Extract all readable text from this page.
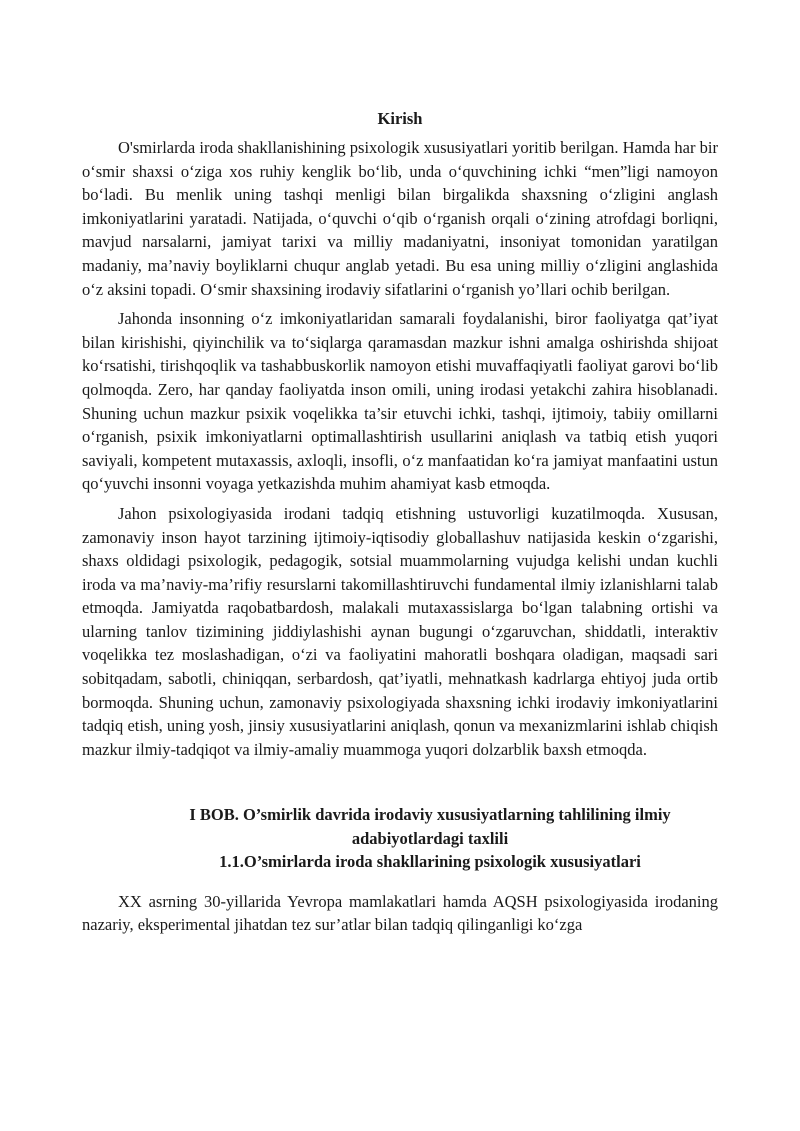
Kirish

O'smirlarda iroda shakllanishining psixologik xususiyatlari yoritib berilgan. Hamda har bir o‘smir shaxsi o‘ziga xos ruhiy kenglik bo‘lib, unda o‘quvchining ichki “men”ligi namoyon bo‘ladi. Bu menlik uning tashqi menligi bilan birgalikda shaxsning o‘zligini anglash imkoniyatlarini yaratadi. Natijada, o‘quvchi o‘qib o‘rganish orqali o‘zining atrofdagi borliqni, mavjud narsalarni, jamiyat tarixi va milliy madaniyatni, insoniyat tomonidan yaratilgan madaniy, ma’naviy boyliklarni chuqur anglab yetadi. Bu esa uning milliy o‘zligini anglashida o‘z aksini topadi. O‘smir shaxsining irodaviy sifatlarini o‘rganish yo’llari ochib berilgan.

Jahonda insonning o‘z imkoniyatlaridan samarali foydalanishi, biror faoliyatga qat’iyat bilan kirishishi, qiyinchilik va to‘siqlarga qaramasdan mazkur ishni amalga oshirishda shijoat ko‘rsatishi, tirishqoqlik va tashabbuskorlik namoyon etishi muvaffaqiyatli faoliyat garovi bo‘lib qolmoqda. Zero, har qanday faoliyatda inson omili, uning irodasi yetakchi zahira hisoblanadi. Shuning uchun mazkur psixik voqelikka ta’sir etuvchi ichki, tashqi, ijtimoiy, tabiiy omillarni o‘rganish, psixik imkoniyatlarni optimallashtirish usullarini aniqlash va tatbiq etish yuqori saviyali, kompetent mutaxassis, axloqli, insofli, o‘z manfaatidan ko‘ra jamiyat manfaatini ustun qo‘yuvchi insonni voyaga yetkazishda muhim ahamiyat kasb etmoqda.

Jahon psixologiyasida irodani tadqiq etishning ustuvorligi kuzatilmoqda. Xususan, zamonaviy inson hayot tarzining ijtimoiy-iqtisodiy globallashuv natijasida keskin o‘zgarishi, shaxs oldidagi psixologik, pedagogik, sotsial muammolarning vujudga kelishi undan kuchli iroda va ma’naviy-ma’rifiy resurslarni takomillashtiruvchi fundamental ilmiy izlanishlarni talab etmoqda. Jamiyatda raqobatbardosh, malakali mutaxassislarga bo‘lgan talabning ortishi va ularning tanlov tizimining jiddiylashishi aynan bugungi o‘zgaruvchan, shiddatli, interaktiv voqelikka tez moslashadigan, o‘zi va faoliyatini mahoratli boshqara oladigan, maqsadi sari sobitqadam, sabotli, chiniqqan, serbardosh, qat’iyatli, mehnatkash kadrlarga ehtiyoj juda ortib bormoqda. Shuning uchun, zamonaviy psixologiyada shaxsning ichki irodaviy imkoniyatlarini tadqiq etish, uning yosh, jinsiy xususiyatlarini aniqlash, qonun va mexanizmlarini ishlab chiqish mazkur ilmiy-tadqiqot va ilmiy-amaliy muammoga yuqori dolzarblik baxsh etmoqda.

I BOB. O’smirlik davrida irodaviy xususiyatlarning tahlilining ilmiy
adabiyotlardagi taxlili
1.1.O’smirlarda iroda shakllarining psixologik xususiyatlari

XX asrning 30-yillarida Yevropa mamlakatlari hamda AQSH psixologiyasida irodaning nazariy, eksperimental jihatdan tez sur’atlar bilan tadqiq qilinganligi ko‘zga
